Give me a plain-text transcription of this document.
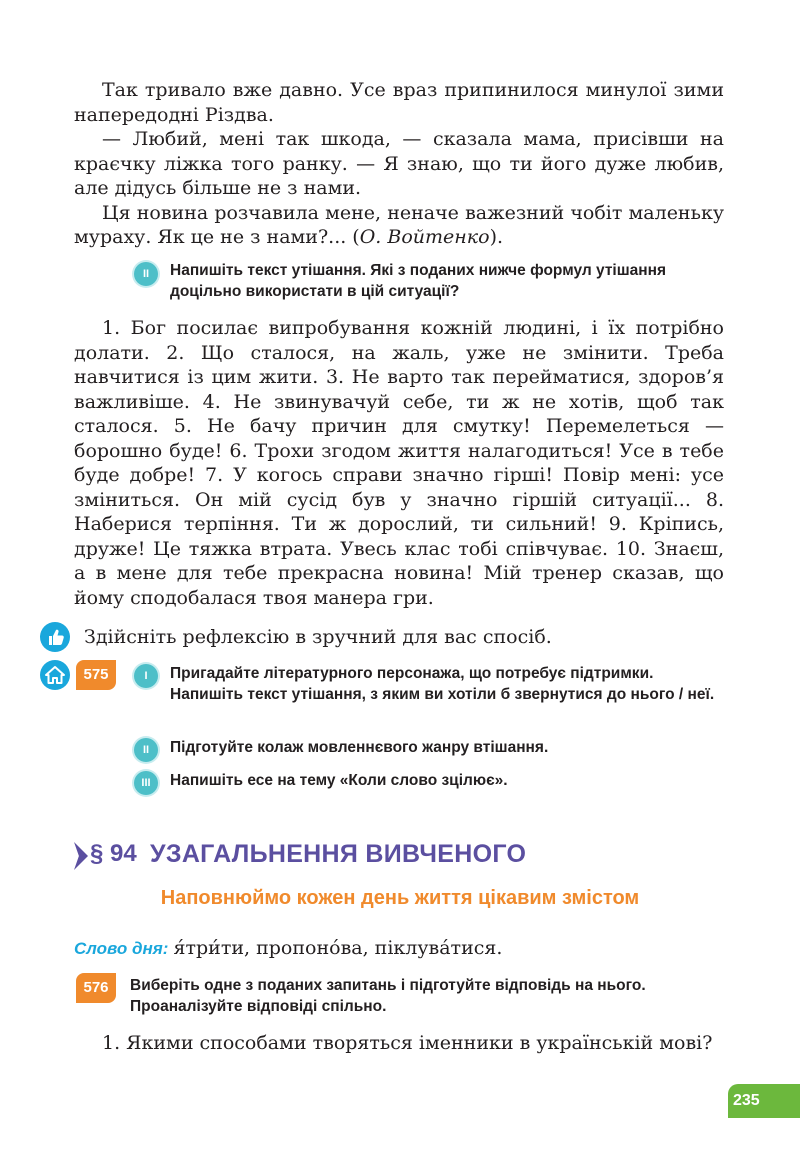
Так тривало вже давно. Усе враз припинилося минулої зими напередодні Різдва.

— Любий, мені так шкода, — сказала мама, присівши на краєчку ліжка того ранку. — Я знаю, що ти його дуже любив, але дідусь більше не з нами.

Ця новина розчавила мене, неначе важезний чобіт маленьку мураху. Як це не з нами?... (О. Войтенко).

II	Напишіть текст утішання. Які з поданих нижче формул утішання доцільно використати в цій ситуації?
1. Бог посилає випробування кожній людині, і їх потрібно долати. 2. Що сталося, на жаль, уже не змінити. Треба навчитися із цим жити. 3. Не варто так перейматися, здоров’я важливіше. 4. Не звинувачуй себе, ти ж не хотів, щоб так сталося. 5. Не бачу причин для смутку! Перемелеться — борошно буде! 6. Трохи згодом життя налагодиться! Усе в тебе буде добре! 7. У когось справи значно гірші! Повір мені: усе зміниться. Он мій сусід був у значно гіршій ситуації... 8. Наберися терпіння. Ти ж дорослий, ти сильний! 9. Кріпись, друже! Це тяжка втрата. Увесь клас тобі співчуває. 10. Знаєш, а в мене для тебе прекрасна новина! Мій тренер сказав, що йому сподобалася твоя манера гри.
Здійсніть рефлексію в зручний для вас спосіб.
575	I	Пригадайте літературного персонажа, що потребує підтримки. Напишіть текст утішання, з яким ви хотіли б звернутися до нього / неї.
II	Підготуйте колаж мовленнєвого жанру втішання.
III	Напишіть есе на тему «Коли слово зцілює».
§ 94 УЗАГАЛЬНЕННЯ ВИВЧЕНОГО
Наповнюймо кожен день життя цікавим змістом
Слово дня: я́три́ти, пропоно́ва, піклува́тися.
576	Виберіть одне з поданих запитань і підготуйте відповідь на нього. Проаналізуйте відповіді спільно.
1. Якими способами творяться іменники в українській мові?
235
